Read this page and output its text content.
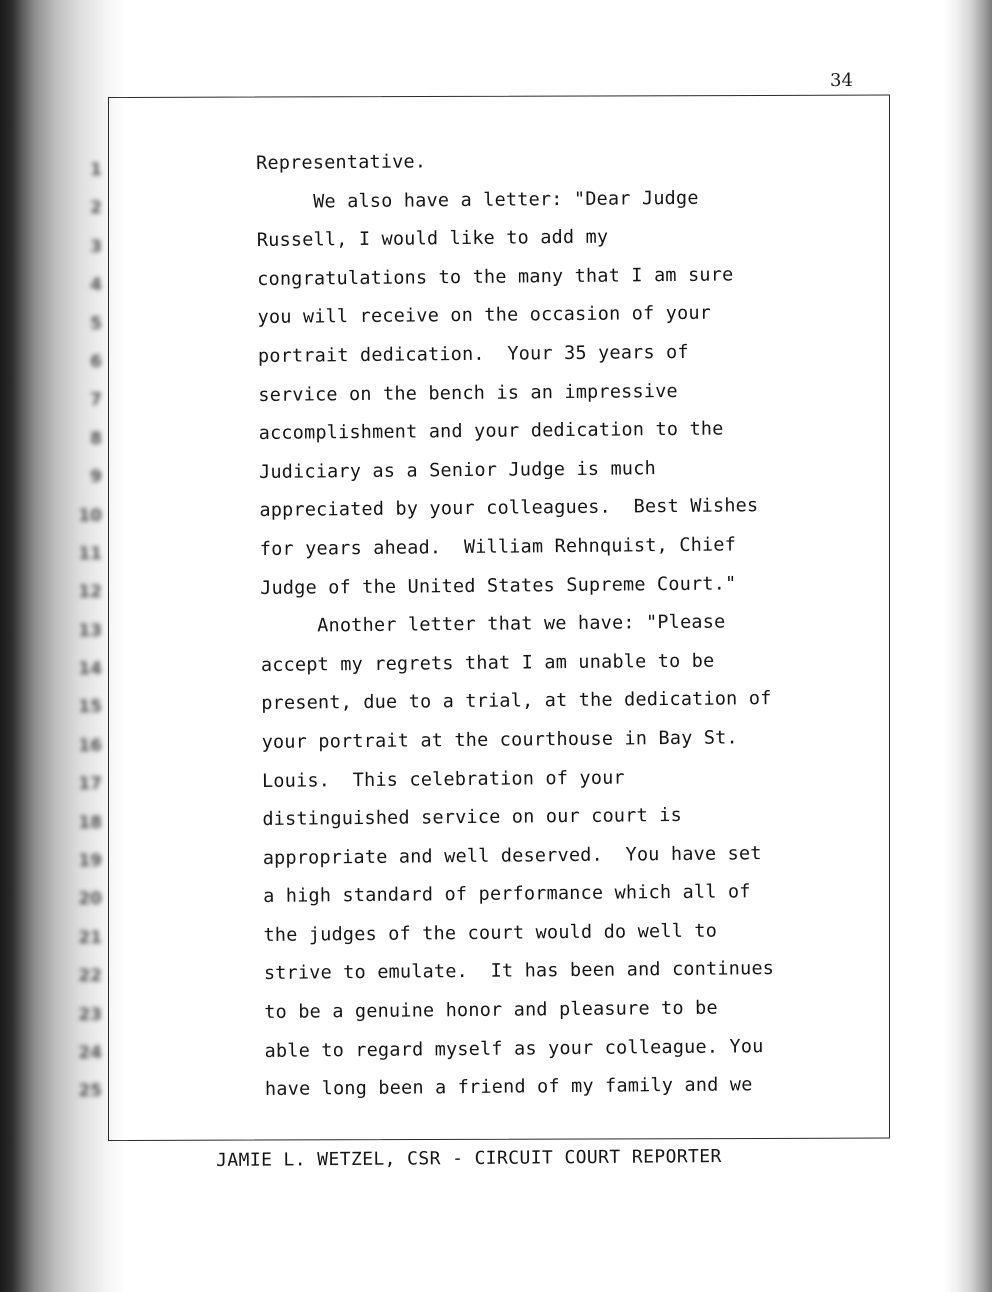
34
1
2
3
4
5
6
7
8
9
10
11
12
13
14
15
16
17
18
19
20
21
22
23
24
25
Representative.
We also have a letter: "Dear Judge
Russell, I would like to add my
congratulations to the many that I am sure
you will receive on the occasion of your
portrait dedication.  Your 35 years of
service on the bench is an impressive
accomplishment and your dedication to the
Judiciary as a Senior Judge is much
appreciated by your colleagues.  Best Wishes
for years ahead.  William Rehnquist, Chief
Judge of the United States Supreme Court."
Another letter that we have: "Please
accept my regrets that I am unable to be
present, due to a trial, at the dedication of
your portrait at the courthouse in Bay St.
Louis.  This celebration of your
distinguished service on our court is
appropriate and well deserved.  You have set
a high standard of performance which all of
the judges of the court would do well to
strive to emulate.  It has been and continues
to be a genuine honor and pleasure to be
able to regard myself as your colleague. You
have long been a friend of my family and we
JAMIE L. WETZEL, CSR - CIRCUIT COURT REPORTER
